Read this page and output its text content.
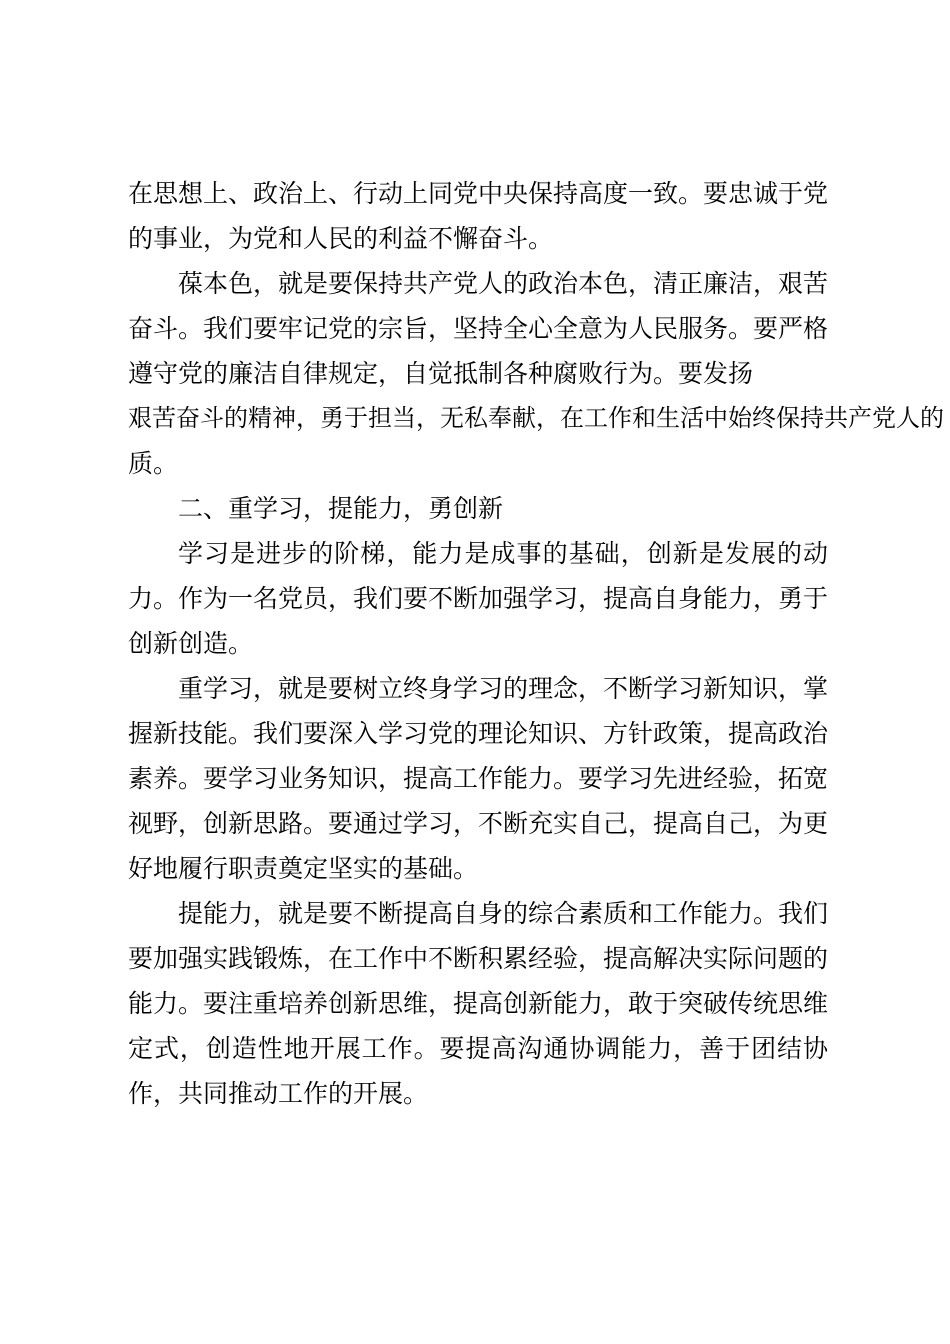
在思想上、政治上、行动上同党中央保持高度一致。要忠诚于党的事业，为党和人民的利益不懈奋斗。

葆本色，就是要保持共产党人的政治本色，清正廉洁，艰苦奋斗。我们要牢记党的宗旨，坚持全心全意为人民服务。要严格遵守党的廉洁自律规定，自觉抵制各种腐败行为。要发扬

艰苦奋斗的精神，勇于担当，无私奉献，在工作和生活中始终保持共产党人的

质。

二、重学习，提能力，勇创新

学习是进步的阶梯，能力是成事的基础，创新是发展的动力。作为一名党员，我们要不断加强学习，提高自身能力，勇于创新创造。

重学习，就是要树立终身学习的理念，不断学习新知识，掌握新技能。我们要深入学习党的理论知识、方针政策，提高政治素养。要学习业务知识，提高工作能力。要学习先进经验，拓宽视野，创新思路。要通过学习，不断充实自己，提高自己，为更好地履行职责奠定坚实的基础。

提能力，就是要不断提高自身的综合素质和工作能力。我们要加强实践锻炼，在工作中不断积累经验，提高解决实际问题的能力。要注重培养创新思维，提高创新能力，敢于突破传统思维定式，创造性地开展工作。要提高沟通协调能力，善于团结协作，共同推动工作的开展。
